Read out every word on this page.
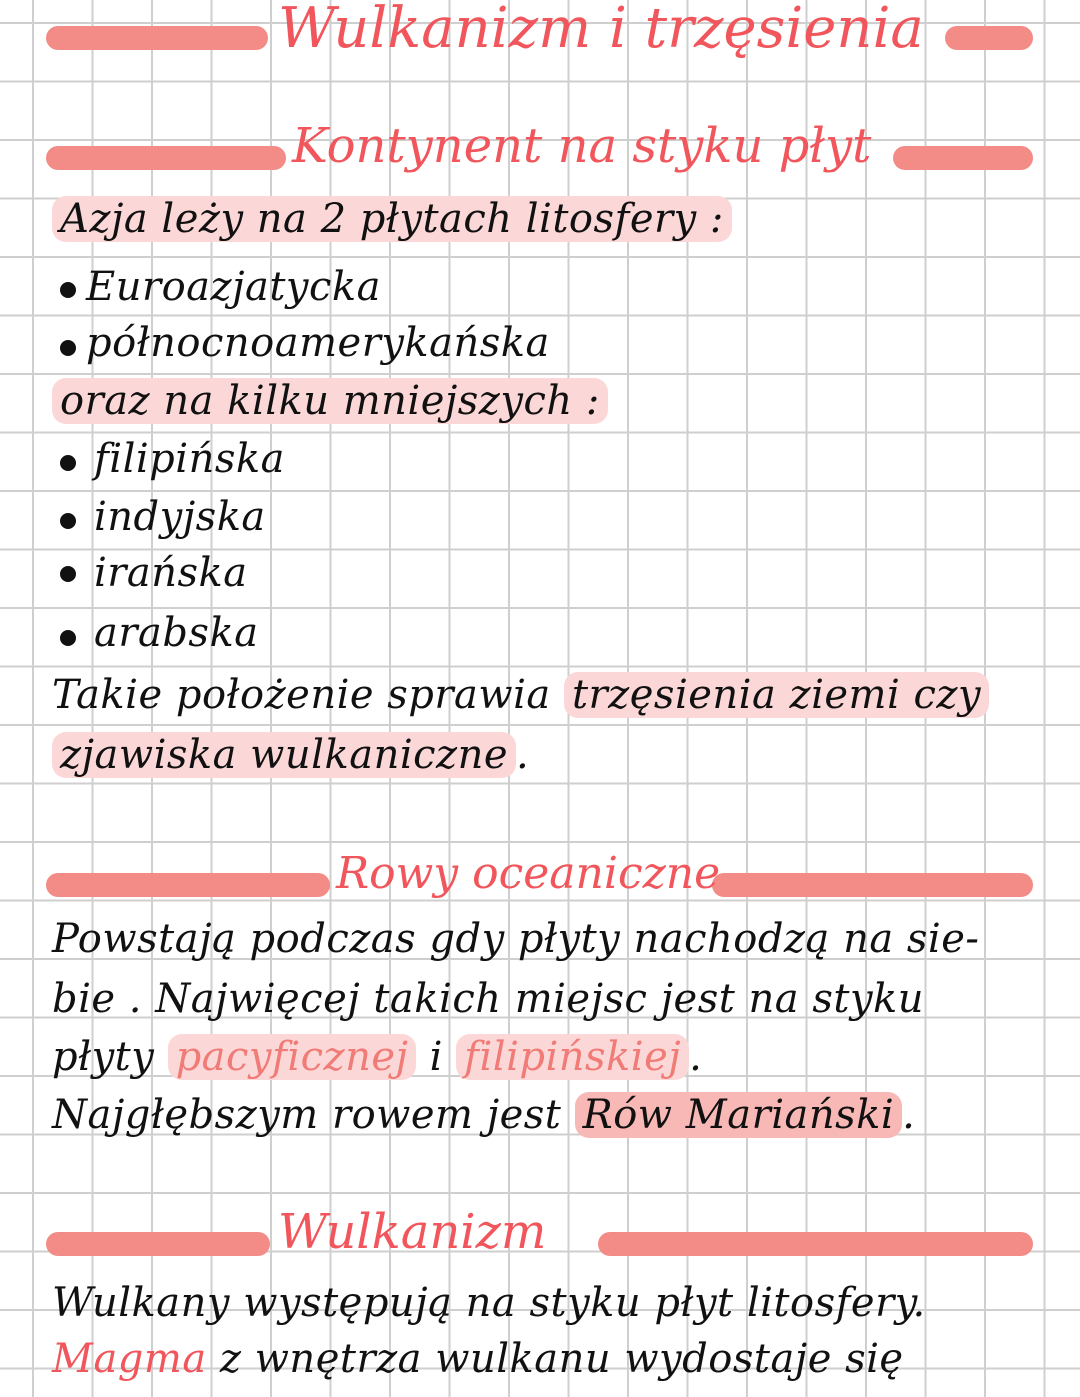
Wulkanizm i trzęsienia
Kontynent na styku płyt
Azja leży na 2 płytach litosfery :
Euroazjatycka
północnoamerykańska
oraz na kilku mniejszych :
filipińska
indyjska
irańska
arabska
Takie położenie sprawia trzęsienia ziemi czy
zjawiska wulkaniczne .
Rowy oceaniczne
Powstają podczas gdy płyty nachodzą na sie-
bie . Najwięcej takich miejsc jest na styku
płyty pacyficznej i filipińskiej .
Najgłębszym rowem jest Rów Mariański .
Wulkanizm
Wulkany występują na styku płyt litosfery.
Magma z wnętrza wulkanu wydostaje się
